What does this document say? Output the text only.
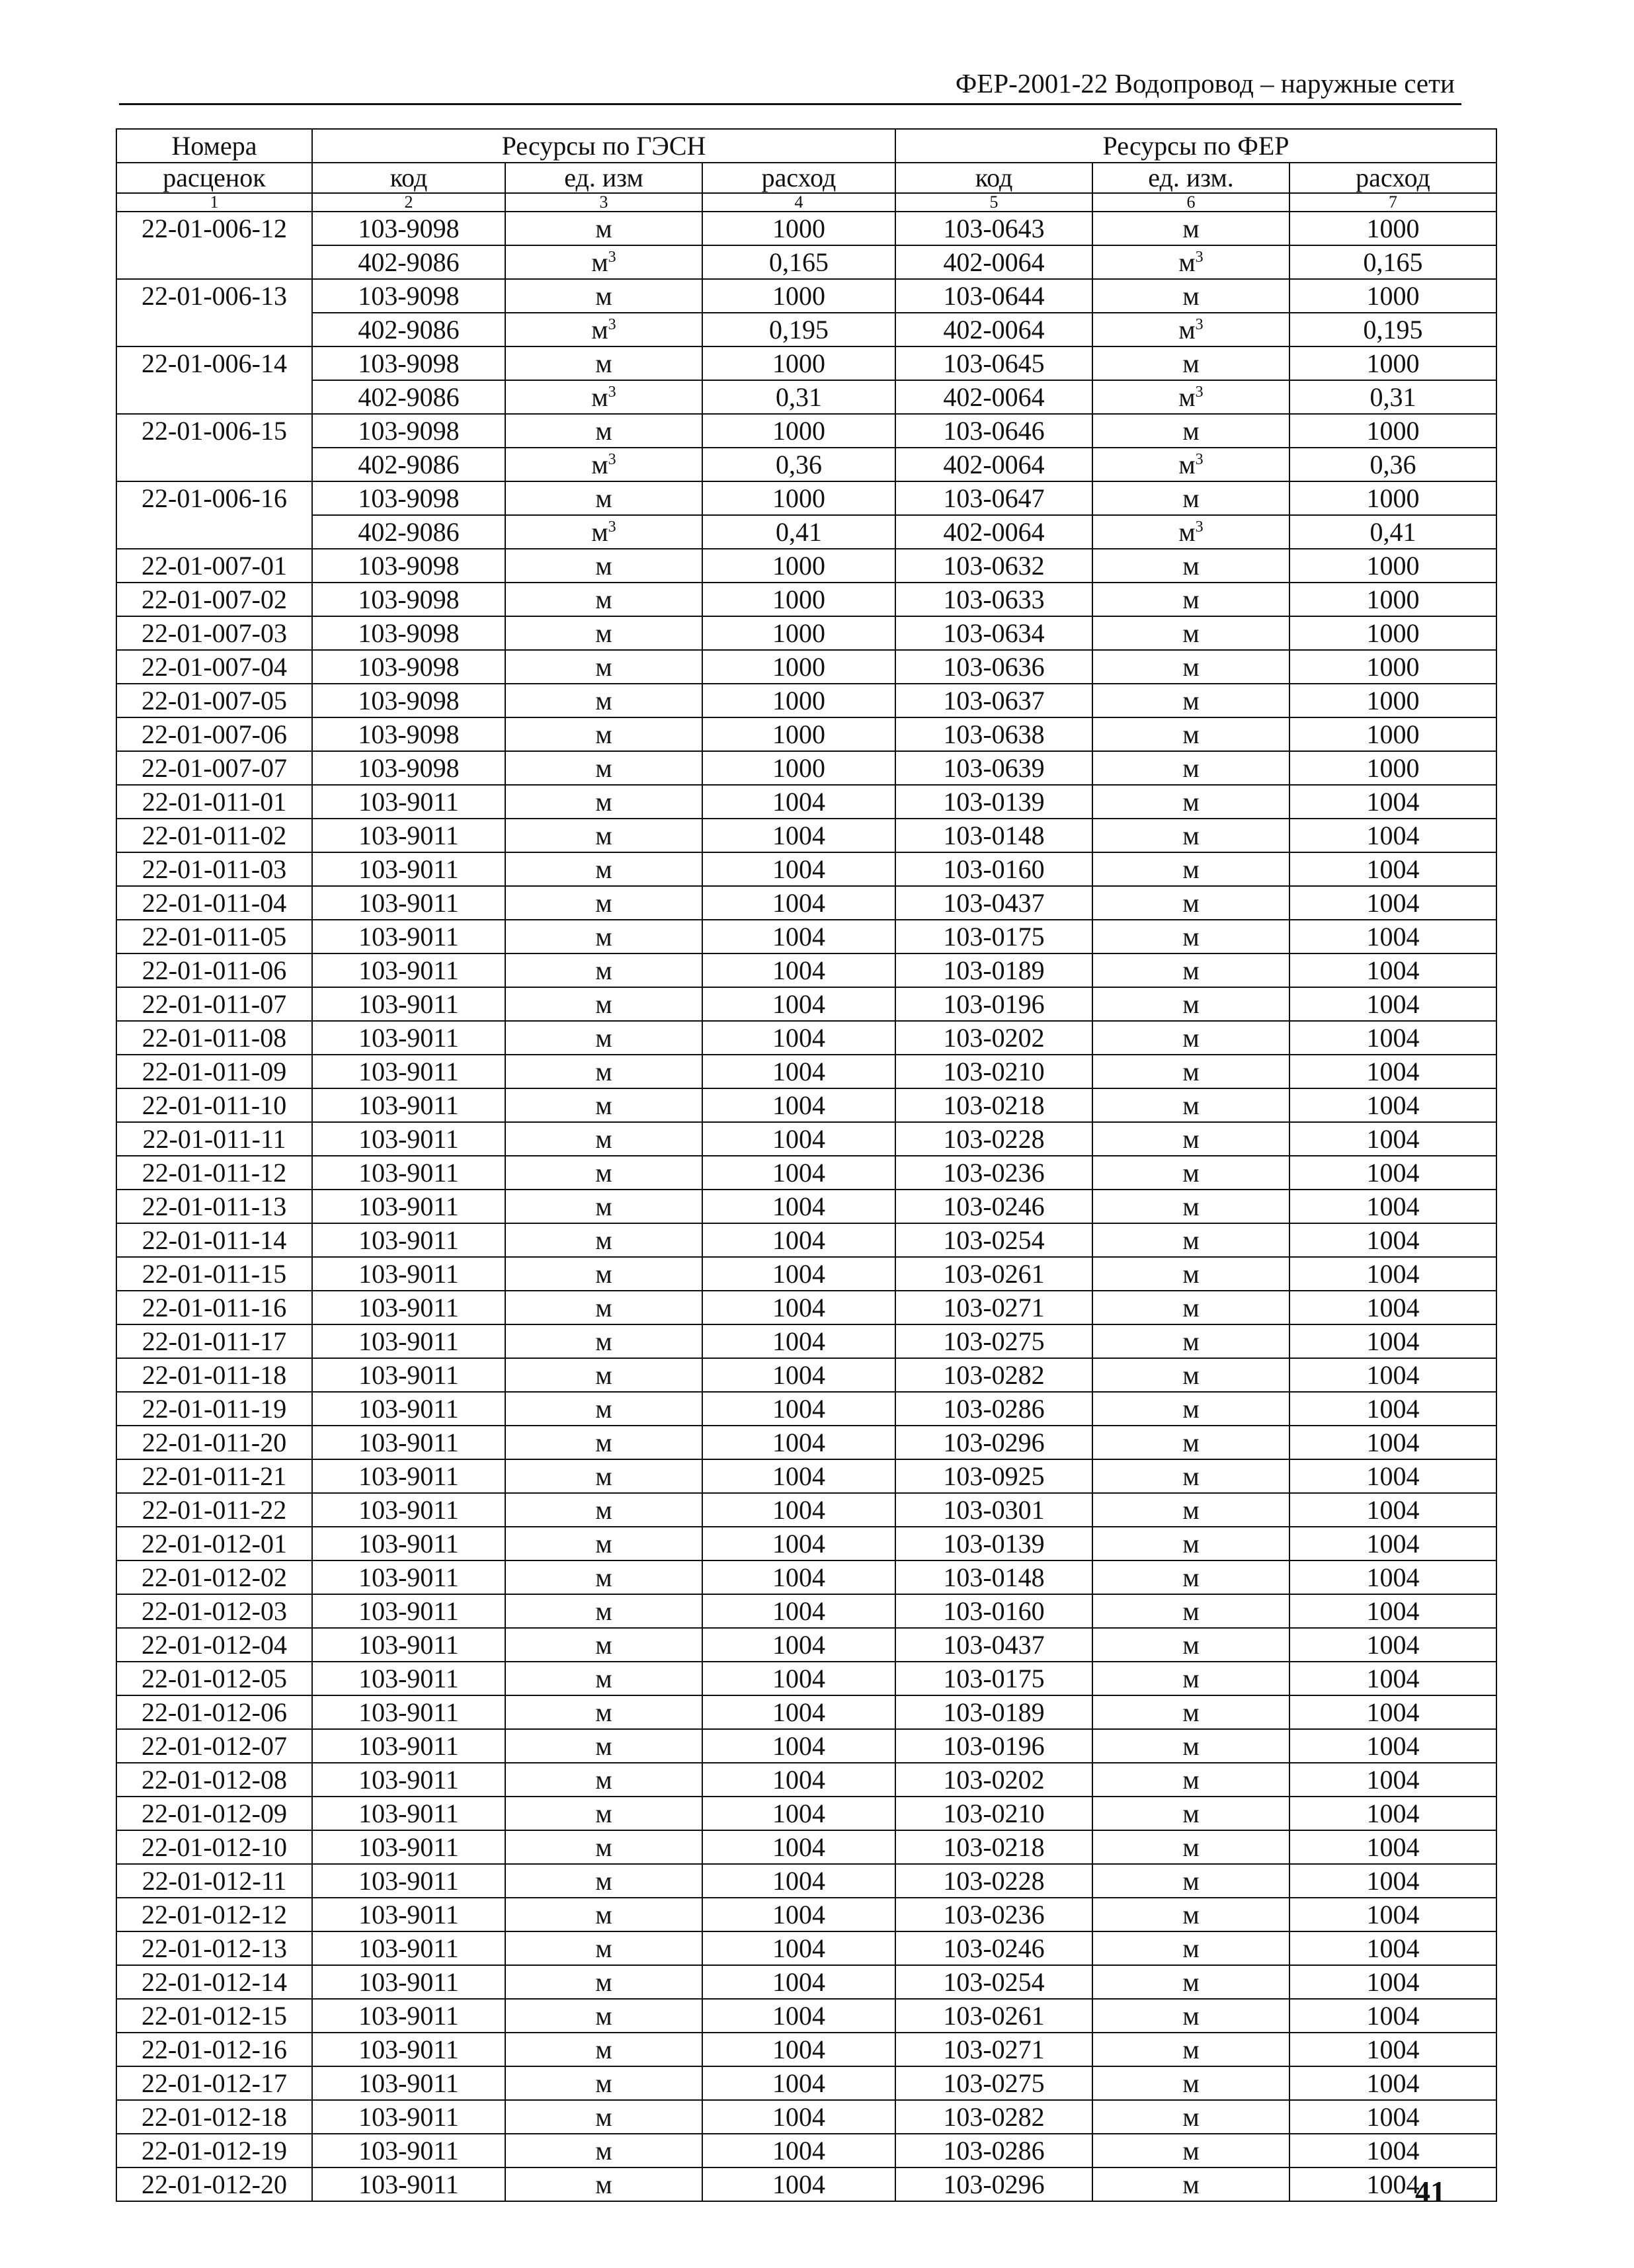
ФЕР-2001-22 Водопровод – наружные сети
Номера	Ресурсы по ГЭСН			Ресурсы по ФЕР		
расценок	код	ед. изм	расход	код	ед. изм.	расход
1	2	3	4	5	6	7
22-01-006-12	103-9098	м	1000	103-0643	м	1000
	402-9086	$м^3$	0,165	402-0064	$м^3$	0,165
22-01-006-13	103-9098	м	1000	103-0644	м	1000
	402-9086	$м^3$	0,195	402-0064	$м^3$	0,195
22-01-006-14	103-9098	м	1000	103-0645	м	1000
	402-9086	$м^3$	0,31	402-0064	$м^3$	0,31
22-01-006-15	103-9098	м	1000	103-0646	м	1000
	402-9086	$м^3$	0,36	402-0064	$м^3$	0,36
22-01-006-16	103-9098	м	1000	103-0647	м	1000
	402-9086	$м^3$	0,41	402-0064	$м^3$	0,41
22-01-007-01	103-9098	м	1000	103-0632	м	1000
22-01-007-02	103-9098	м	1000	103-0633	м	1000
22-01-007-03	103-9098	м	1000	103-0634	м	1000
22-01-007-04	103-9098	м	1000	103-0636	м	1000
22-01-007-05	103-9098	м	1000	103-0637	м	1000
22-01-007-06	103-9098	м	1000	103-0638	м	1000
22-01-007-07	103-9098	м	1000	103-0639	м	1000
22-01-011-01	103-9011	м	1004	103-0139	м	1004
22-01-011-02	103-9011	м	1004	103-0148	м	1004
22-01-011-03	103-9011	м	1004	103-0160	м	1004
22-01-011-04	103-9011	м	1004	103-0437	м	1004
22-01-011-05	103-9011	м	1004	103-0175	м	1004
22-01-011-06	103-9011	м	1004	103-0189	м	1004
22-01-011-07	103-9011	м	1004	103-0196	м	1004
22-01-011-08	103-9011	м	1004	103-0202	м	1004
22-01-011-09	103-9011	м	1004	103-0210	м	1004
22-01-011-10	103-9011	м	1004	103-0218	м	1004
22-01-011-11	103-9011	м	1004	103-0228	м	1004
22-01-011-12	103-9011	м	1004	103-0236	м	1004
22-01-011-13	103-9011	м	1004	103-0246	м	1004
22-01-011-14	103-9011	м	1004	103-0254	м	1004
22-01-011-15	103-9011	м	1004	103-0261	м	1004
22-01-011-16	103-9011	м	1004	103-0271	м	1004
22-01-011-17	103-9011	м	1004	103-0275	м	1004
22-01-011-18	103-9011	м	1004	103-0282	м	1004
22-01-011-19	103-9011	м	1004	103-0286	м	1004
22-01-011-20	103-9011	м	1004	103-0296	м	1004
22-01-011-21	103-9011	м	1004	103-0925	м	1004
22-01-011-22	103-9011	м	1004	103-0301	м	1004
22-01-012-01	103-9011	м	1004	103-0139	м	1004
22-01-012-02	103-9011	м	1004	103-0148	м	1004
22-01-012-03	103-9011	м	1004	103-0160	м	1004
22-01-012-04	103-9011	м	1004	103-0437	м	1004
22-01-012-05	103-9011	м	1004	103-0175	м	1004
22-01-012-06	103-9011	м	1004	103-0189	м	1004
22-01-012-07	103-9011	м	1004	103-0196	м	1004
22-01-012-08	103-9011	м	1004	103-0202	м	1004
22-01-012-09	103-9011	м	1004	103-0210	м	1004
22-01-012-10	103-9011	м	1004	103-0218	м	1004
22-01-012-11	103-9011	м	1004	103-0228	м	1004
22-01-012-12	103-9011	м	1004	103-0236	м	1004
22-01-012-13	103-9011	м	1004	103-0246	м	1004
22-01-012-14	103-9011	м	1004	103-0254	м	1004
22-01-012-15	103-9011	м	1004	103-0261	м	1004
22-01-012-16	103-9011	м	1004	103-0271	м	1004
22-01-012-17	103-9011	м	1004	103-0275	м	1004
22-01-012-18	103-9011	м	1004	103-0282	м	1004
22-01-012-19	103-9011	м	1004	103-0286	м	1004
22-01-012-20	103-9011	м	1004	103-0296	м	1004
41
